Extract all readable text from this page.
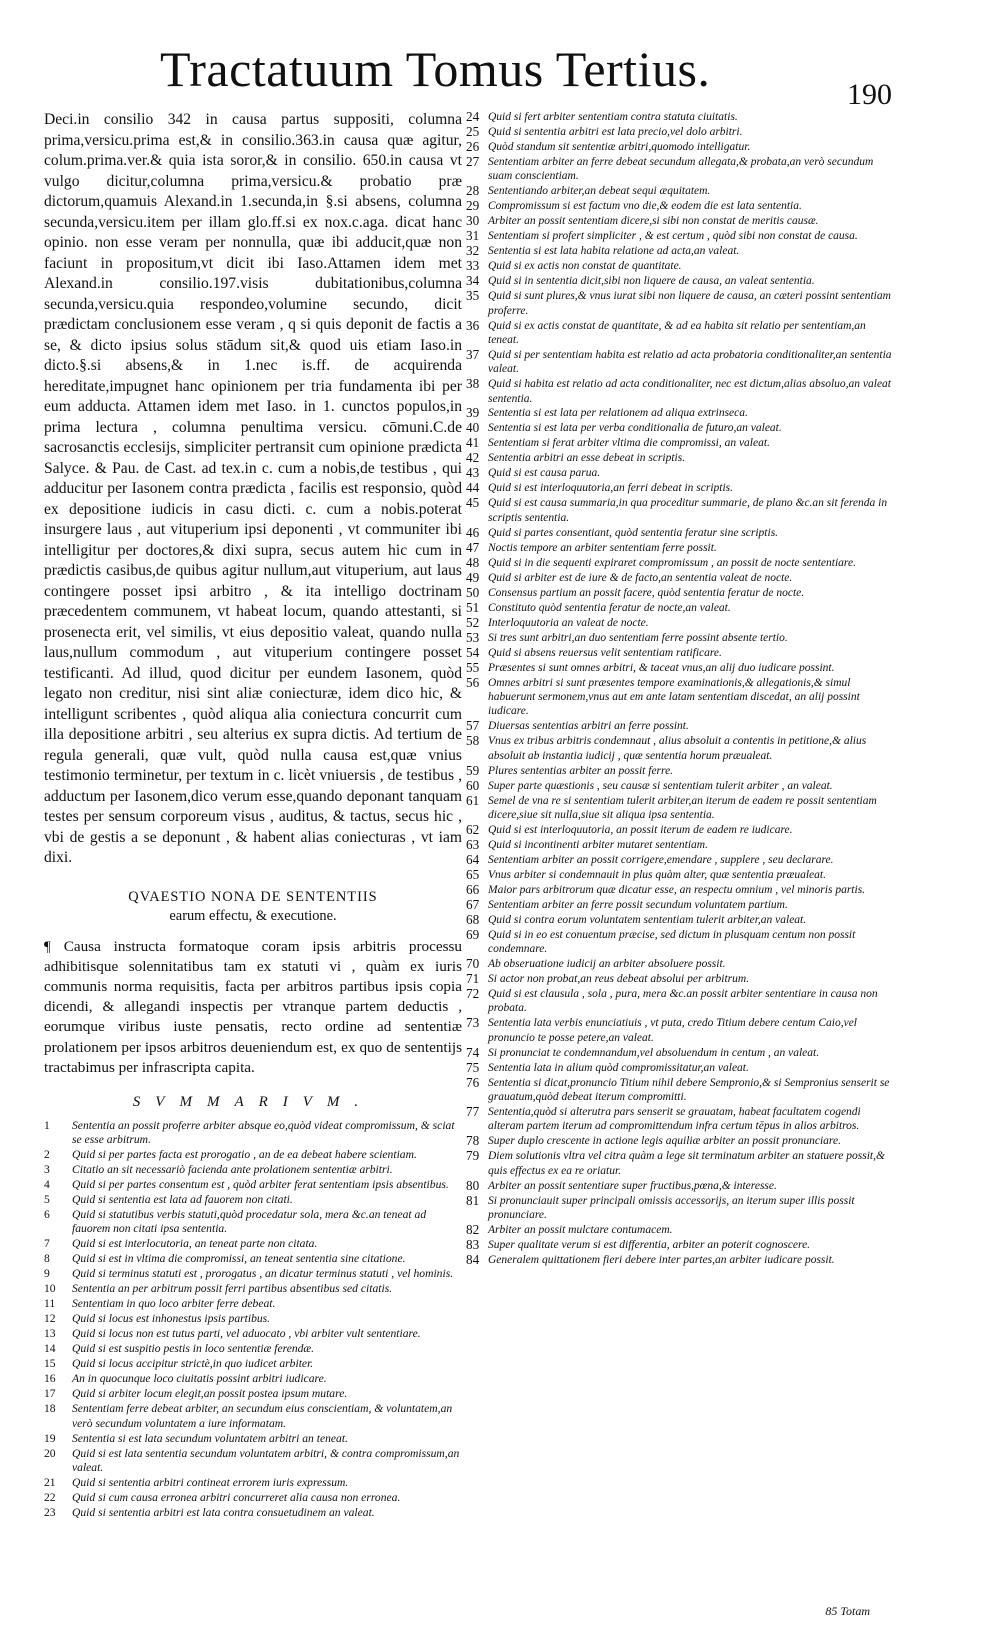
Tractatuum Tomus Tertius.	190
Deci.in consilio 342 in causa partus suppositi, columna prima,versicu.prima est,& in consilio.363.in causa quæ agitur, colum.prima.ver.& quia ista soror,& in consilio. 650.in causa vt vulgo dicitur,columna prima,versicu.& probatio præ dictorum,quamuis Alexand.in 1.secunda,in §.si absens, columna secunda,versicu.item per illam glo.ff.si ex nox.c.aga. dicat hanc opinio. non esse veram per nonnulla, quæ ibi adducit,quæ non faciunt in propositum,vt dicit ibi Iaso.Attamen idem met Alexand.in consilio.197.visis dubitationibus,columna secunda,versicu.quia respondeo,volumine secundo, dicit prædictam conclusionem esse veram , q si quis deponit de factis a se, & dicto ipsius solus stādum sit,& quod uis etiam Iaso.in dicto.§.si absens,& in 1.nec is.ff. de acquirenda hereditate,impugnet hanc opinionem per tria fundamenta ibi per eum adducta. Attamen idem met Iaso. in 1. cunctos populos,in prima lectura , columna penultima versicu. cōmuni.C.de sacrosanctis ecclesijs, simpliciter pertransit cum opinione prædicta Salyce. & Pau. de Cast. ad tex.in c. cum a nobis,de testibus , qui adducitur per Iasonem contra prædicta , facilis est responsio, quòd ex depositione iudicis in casu dicti. c. cum a nobis.poterat insurgere laus , aut vituperium ipsi deponenti , vt communiter ibi intelligitur per doctores,& dixi supra, secus autem hic cum in prædictis casibus,de quibus agitur nullum,aut vituperium, aut laus contingere posset ipsi arbitro , & ita intelligo doctrinam præcedentem communem, vt habeat locum, quando attestanti, si prosenecta erit, vel similis, vt eius depositio valeat, quando nulla laus,nullum commodum , aut vituperium contingere posset testificanti. Ad illud, quod dicitur per eundem Iasonem, quòd legato non creditur, nisi sint aliæ coniecturæ, idem dico hic, & intelligunt scribentes , quòd aliqua alia coniectura concurrit cum illa depositione arbitri , seu alterius ex supra dictis. Ad tertium de regula generali, quæ vult, quòd nulla causa est,quæ vnius testimonio terminetur, per textum in c. licèt vniuersis , de testibus , adductum per Iasonem,dico verum esse,quando deponant tanquam testes per sensum corporeum visus , auditus, & tactus, secus hic , vbi de gestis a se deponunt , & habent alias coniecturas , vt iam dixi.
QVAESTIO NONA DE SENTENTIIS
earum effectu, & executione.
¶ Causa instructa formatoque coram ipsis arbitris processu adhibitisque solennitatibus tam ex statuti vi , quàm ex iuris communis norma requisitis, facta per arbitros partibus ipsis copia dicendi, & allegandi inspectis per vtranque partem deductis , eorumque viribus iuste pensatis, recto ordine ad sententiæ prolationem per ipsos arbitros deueniendum est, ex quo de sententijs tractabimus per infrascripta capita.
SVMMARIVM.
1	Sententia an possit proferre arbiter absque eo,quòd videat compromissum, & sciat se esse arbitrum.
2	Quid si per partes facta est prorogatio , an de ea debeat habere scientiam.
3	Citatio an sit necessariò facienda ante prolationem sententiæ arbitri.
4	Quid si per partes consentum est , quòd arbiter ferat sententiam ipsis absentibus.
5	Quid si sententia est lata ad fauorem non citati.
6	Quid si statutibus verbis statuti,quòd procedatur sola, mera &c.an teneat ad fauorem non citati ipsa sententia.
7	Quid si est interlocutoria, an teneat parte non citata.
8	Quid si est in vltima die compromissi, an teneat sententia sine citatione.
9	Quid si terminus statuti est , prorogatus , an dicatur terminus statuti , vel hominis.
10	Sententia an per arbitrum possit ferri partibus absentibus sed citatis.
11	Sententiam in quo loco arbiter ferre debeat.
12	Quid si locus est inhonestus ipsis partibus.
13	Quid si locus non est tutus parti, vel aduocato , vbi arbiter vult sententiare.
14	Quid si est suspitio pestis in loco sententiæ ferendæ.
15	Quid si locus accipitur strictè,in quo iudicet arbiter.
16	An in quocunque loco ciuitatis possint arbitri iudicare.
17	Quid si arbiter locum elegit,an possit postea ipsum mutare.
18	Sententiam ferre debeat arbiter, an secundum eius conscientiam, & voluntatem,an verò secundum voluntatem a iure informatam.
19	Sententia si est lata secundum voluntatem arbitri an teneat.
20	Quid si est lata sententia secundum voluntatem arbitri, & contra compromissum,an valeat.
21	Quid si sententia arbitri contineat errorem iuris expressum.
22	Quid si cum causa erronea arbitri concurreret alia causa non erronea.
23	Quid si sententia arbitri est lata contra consuetudinem an valeat.
24 Quid si fert arbiter sententiam contra statuta ciuitatis.
25 Quid si sententia arbitri est lata precio,vel dolo arbitri.
26 Quòd standum sit sententiæ arbitri,quomodo intelligatur.
27 Sententiam arbiter an ferre debeat secundum allegata,& probata,an verò secundum suam conscientiam.
28 Sententiando arbiter,an debeat sequi æquitatem.
29 Compromissum si est factum vno die,& eodem die est lata sententia.
30 Arbiter an possit sententiam dicere,si sibi non constat de meritis causæ.
31 Sententiam si profert simpliciter , & est certum , quòd sibi non constat de causa.
32 Sententia si est lata habita relatione ad acta,an valeat.
33 Quid si ex actis non constat de quantitate.
34 Quid si in sententia dicit,sibi non liquere de causa, an valeat sententia.
35 Quid si sunt plures,& vnus iurat sibi non liquere de causa, an cæteri possint sententiam proferre.
36 Quid si ex actis constat de quantitate, & ad ea habita sit relatio per sententiam,an teneat.
37 Quid si per sententiam habita est relatio ad acta probatoria conditionaliter,an sententia valeat.
38 Quid si habita est relatio ad acta conditionaliter, nec est dictum,alias absoluo,an valeat sententia.
39 Sententia si est lata per relationem ad aliqua extrinseca.
40 Sententia si est lata per verba conditionalia de futuro,an valeat.
41 Sententiam si ferat arbiter vltima die compromissi, an valeat.
42 Sententia arbitri an esse debeat in scriptis.
43 Quid si est causa parua.
44 Quid si est interloquutoria,an ferri debeat in scriptis.
45 Quid si est causa summaria,in qua proceditur summarie, de plano &c.an sit ferenda in scriptis sententia.
46 Quid si partes consentiant, quòd sententia feratur sine scriptis.
47 Noctis tempore an arbiter sententiam ferre possit.
48 Quid si in die sequenti expiraret compromissum , an possit de nocte sententiare.
49 Quid si arbiter est de iure & de facto,an sententia valeat de nocte.
50 Consensus partium an possit facere, quòd sententia feratur de nocte.
51 Constituto quòd sententia feratur de nocte,an valeat.
52 Interloquutoria an valeat de nocte.
53 Si tres sunt arbitri,an duo sententiam ferre possint absente tertio.
54 Quid si absens reuersus velit sententiam ratificare.
55 Præsentes si sunt omnes arbitri, & taceat vnus,an alij duo iudicare possint.
56 Omnes arbitri si sunt præsentes tempore examinationis,& allegationis,& simul habuerunt sermonem,vnus aut em ante latam sententiam discedat, an alij possint iudicare.
57 Diuersas sententias arbitri an ferre possint.
58 Vnus ex tribus arbitris condemnaut , alius absoluit a contentis in petitione,& alius absoluit ab instantia iudicij , quæ sententia horum præualeat.
59 Plures sententias arbiter an possit ferre.
60 Super parte quæstionis , seu causæ si sententiam tulerit arbiter , an valeat.
61 Semel de vna re si sententiam tulerit arbiter,an iterum de eadem re possit sententiam dicere,siue sit nulla,siue sit aliqua ipsa sententia.
62 Quid si est interloquutoria, an possit iterum de eadem re iudicare.
63 Quid si incontinenti arbiter mutaret sententiam.
64 Sententiam arbiter an possit corrigere,emendare , supplere , seu declarare.
65 Vnus arbiter si condemnauit in plus quàm alter, quæ sententia præualeat.
66 Maior pars arbitrorum quæ dicatur esse, an respectu omnium , vel minoris partis.
67 Sententiam arbiter an ferre possit secundum voluntatem partium.
68 Quid si contra eorum voluntatem sententiam tulerit arbiter,an valeat.
69 Quid si in eo est conuentum præcise, sed dictum in plusquam centum non possit condemnare.
70 Ab obseruatione iudicij an arbiter absoluere possit.
71 Si actor non probat,an reus debeat absolui per arbitrum.
72 Quid si est clausula , sola , pura, mera &c.an possit arbiter sententiare in causa non probata.
73 Sententia lata verbis enunciatiuis , vt puta, credo Titium debere centum Caio,vel pronuncio te posse petere,an valeat.
74 Si pronunciat te condemnandum,vel absoluendum in centum , an valeat.
75 Sententia lata in alium quòd compromissitatur,an valeat.
76 Sententia si dicat,pronuncio Titium nihil debere Sempronio,& si Sempronius senserit se grauatum,quòd debeat iterum compromitti.
77 Sententia,quòd si alterutra pars senserit se grauatam, habeat facultatem cogendi alteram partem iterum ad compromittendum infra certum tēpus in alios arbitros.
78 Super duplo crescente in actione legis aquiliæ arbiter an possit pronunciare.
79 Diem solutionis vltra vel citra quàm a lege sit terminatum arbiter an statuere possit,& quis effectus ex ea re oriatur.
80 Arbiter an possit sententiare super fructibus,pœna,& interesse.
81 Si pronunciauit super principali omissis accessorijs, an iterum super illis possit pronunciare.
82 Arbiter an possit mulctare contumacem.
83 Super qualitate verum si est differentia, arbiter an poterit cognoscere.
84 Generalem quittationem fieri debere inter partes,an arbiter iudicare possit.
85 Totam
